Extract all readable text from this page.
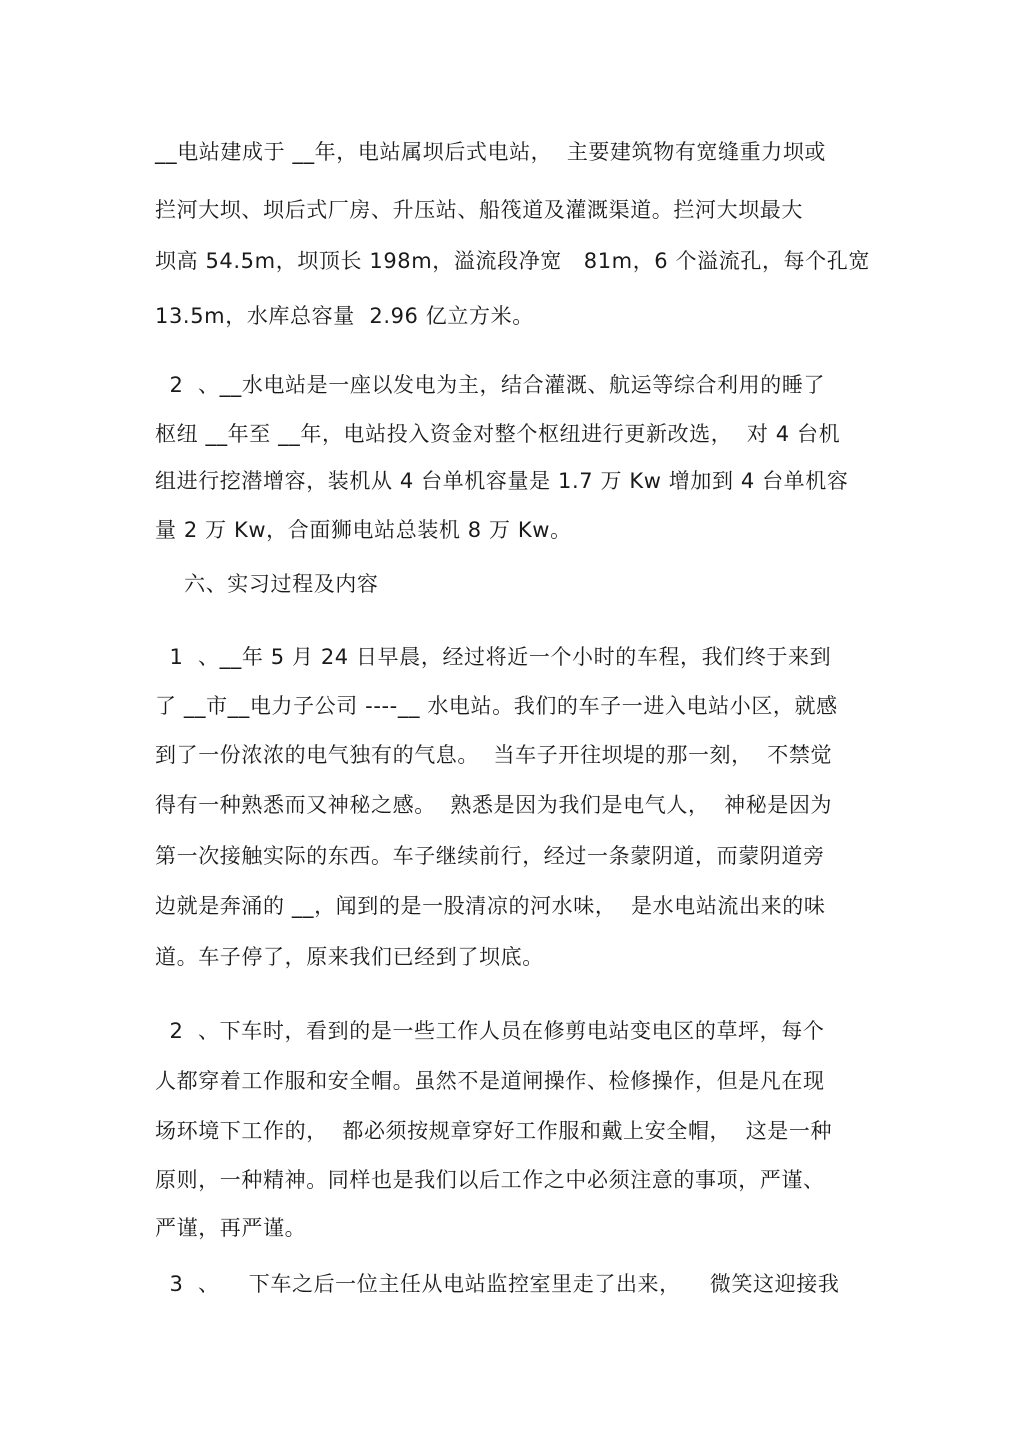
__电站建成于 __年，电站属坝后式电站，  主要建筑物有宽缝重力坝或
拦河大坝、坝后式厂房、升压站、船筏道及灌溉渠道。拦河大坝最大
坝高 54.5m，坝顶长 198m，溢流段净宽   81m，6 个溢流孔，每个孔宽
13.5m，水库总容量  2.96 亿立方米。
2  、__水电站是一座以发电为主，结合灌溉、航运等综合利用的睡了
枢纽 __年至 __年，电站投入资金对整个枢纽进行更新改选，  对 4 台机
组进行挖潜增容，装机从 4 台单机容量是 1.7 万 Kw 增加到 4 台单机容
量 2 万 Kw，合面狮电站总装机 8 万 Kw。
六、实习过程及内容
1  、__年 5 月 24 日早晨，经过将近一个小时的车程，我们终于来到
了 __市__电力子公司 ----__ 水电站。我们的车子一进入电站小区，就感
到了一份浓浓的电气独有的气息。  当车子开往坝堤的那一刻，  不禁觉
得有一种熟悉而又神秘之感。  熟悉是因为我们是电气人，  神秘是因为
第一次接触实际的东西。车子继续前行，经过一条蒙阴道，而蒙阴道旁
边就是奔涌的 __，闻到的是一股清凉的河水味，  是水电站流出来的味
道。车子停了，原来我们已经到了坝底。
2  、下车时，看到的是一些工作人员在修剪电站变电区的草坪，每个
人都穿着工作服和安全帽。虽然不是道闸操作、检修操作，但是凡在现
场环境下工作的，  都必须按规章穿好工作服和戴上安全帽，  这是一种
原则，一种精神。同样也是我们以后工作之中必须注意的事项，严谨、
严谨，再严谨。
3  、    下车之后一位主任从电站监控室里走了出来，    微笑这迎接我
